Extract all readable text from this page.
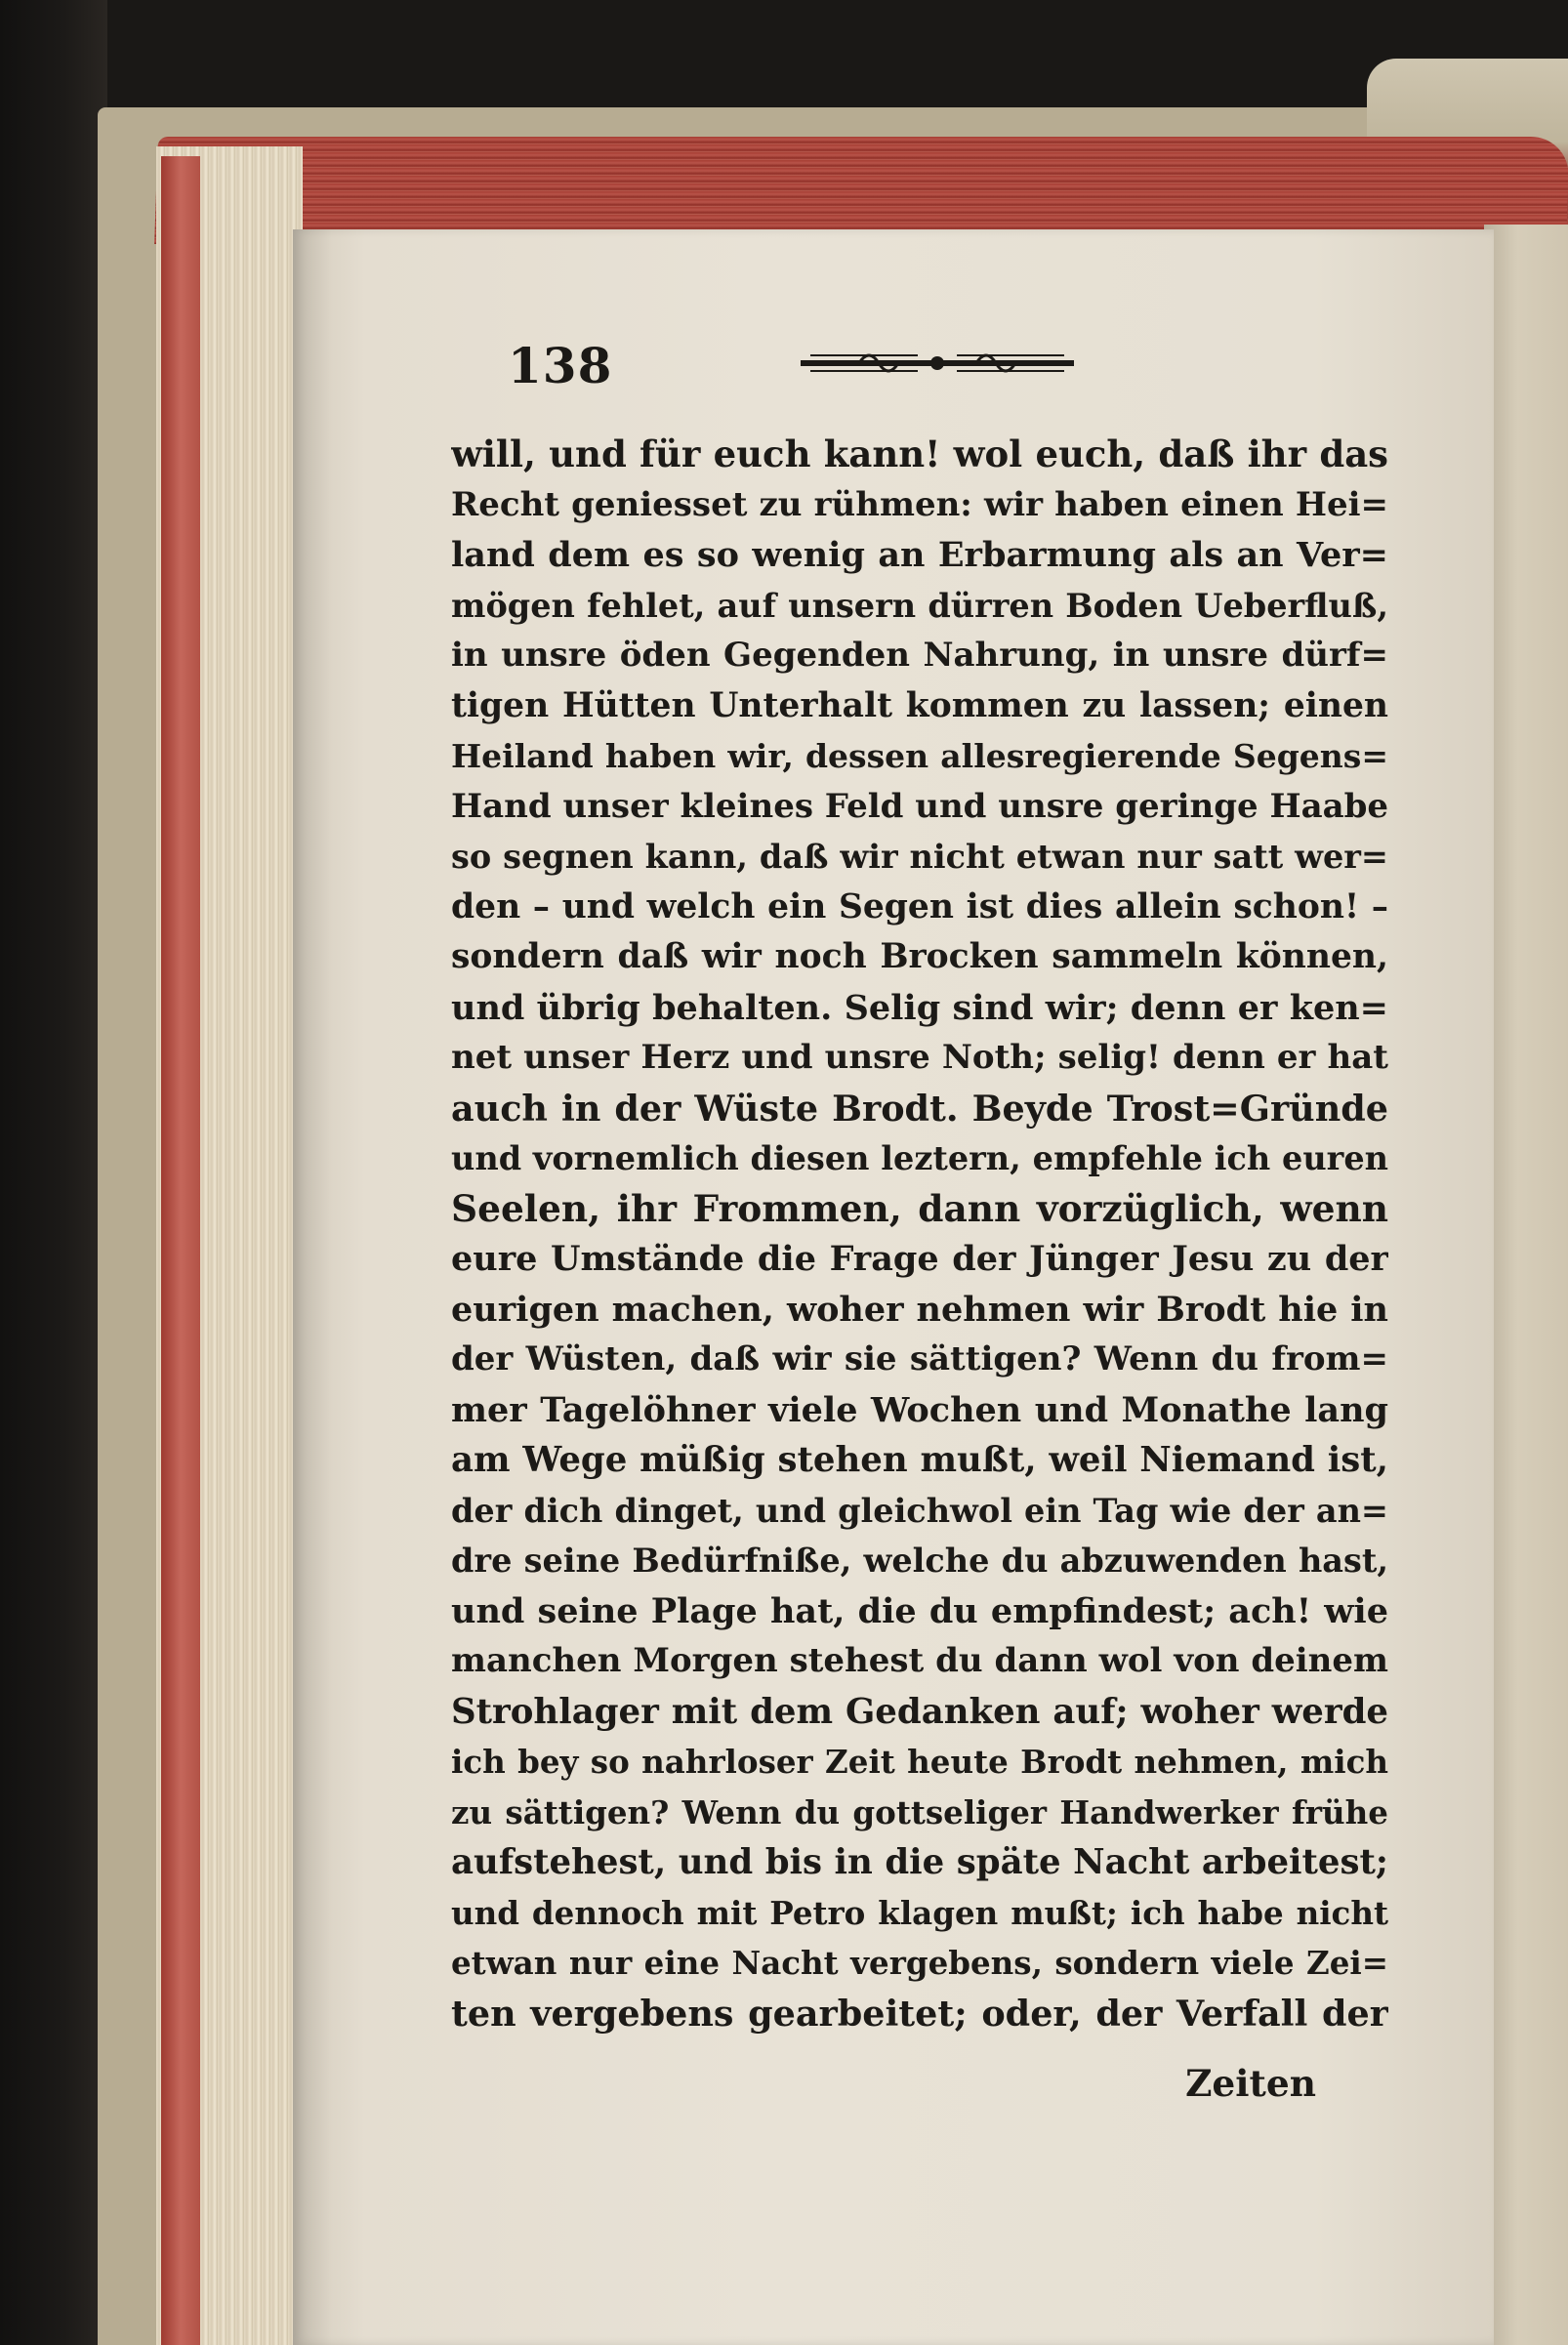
138
will, und für euch kann! wol euch, daß ihr das
Recht geniesset zu rühmen: wir haben einen Hei=
land dem es so wenig an Erbarmung als an Ver=
mögen fehlet, auf unsern dürren Boden Ueberfluß,
in unsre öden Gegenden Nahrung, in unsre dürf=
tigen Hütten Unterhalt kommen zu lassen; einen
Heiland haben wir, dessen allesregierende Segens=
Hand unser kleines Feld und unsre geringe Haabe
so segnen kann, daß wir nicht etwan nur satt wer=
den – und welch ein Segen ist dies allein schon! –
sondern daß wir noch Brocken sammeln können,
und übrig behalten. Selig sind wir; denn er ken=
net unser Herz und unsre Noth; selig! denn er hat
auch in der Wüste Brodt. Beyde Trost=Gründe
und vornemlich diesen leztern, empfehle ich euren
Seelen, ihr Frommen, dann vorzüglich, wenn
eure Umstände die Frage der Jünger Jesu zu der
eurigen machen, woher nehmen wir Brodt hie in
der Wüsten, daß wir sie sättigen? Wenn du from=
mer Tagelöhner viele Wochen und Monathe lang
am Wege müßig stehen mußt, weil Niemand ist,
der dich dinget, und gleichwol ein Tag wie der an=
dre seine Bedürfniße, welche du abzuwenden hast,
und seine Plage hat, die du empfindest; ach! wie
manchen Morgen stehest du dann wol von deinem
Strohlager mit dem Gedanken auf; woher werde
ich bey so nahrloser Zeit heute Brodt nehmen, mich
zu sättigen? Wenn du gottseliger Handwerker frühe
aufstehest, und bis in die späte Nacht arbeitest;
und dennoch mit Petro klagen mußt; ich habe nicht
etwan nur eine Nacht vergebens, sondern viele Zei=
ten vergebens gearbeitet; oder, der Verfall der
Zeiten
